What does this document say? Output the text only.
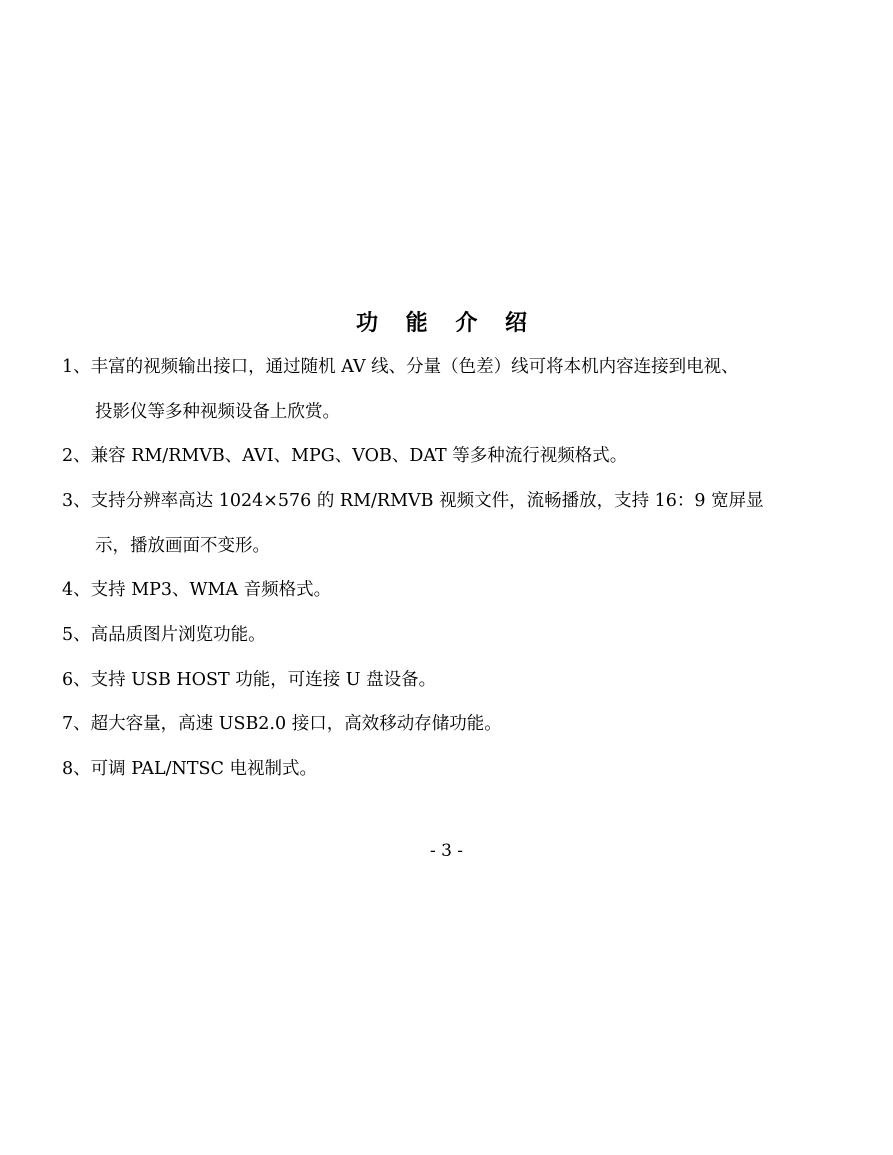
功 能 介 绍
1、丰富的视频输出接口，通过随机 AV 线、分量（色差）线可将本机内容连接到电视、
投影仪等多种视频设备上欣赏。
2、兼容 RM/RMVB、AVI、MPG、VOB、DAT 等多种流行视频格式。
3、支持分辨率高达 1024×576 的 RM/RMVB 视频文件，流畅播放，支持 16：9 宽屏显
示，播放画面不变形。
4、支持 MP3、WMA 音频格式。
5、高品质图片浏览功能。
6、支持 USB HOST 功能，可连接 U 盘设备。
7、超大容量，高速 USB2.0 接口，高效移动存储功能。
8、可调 PAL/NTSC 电视制式。
- 3 -
